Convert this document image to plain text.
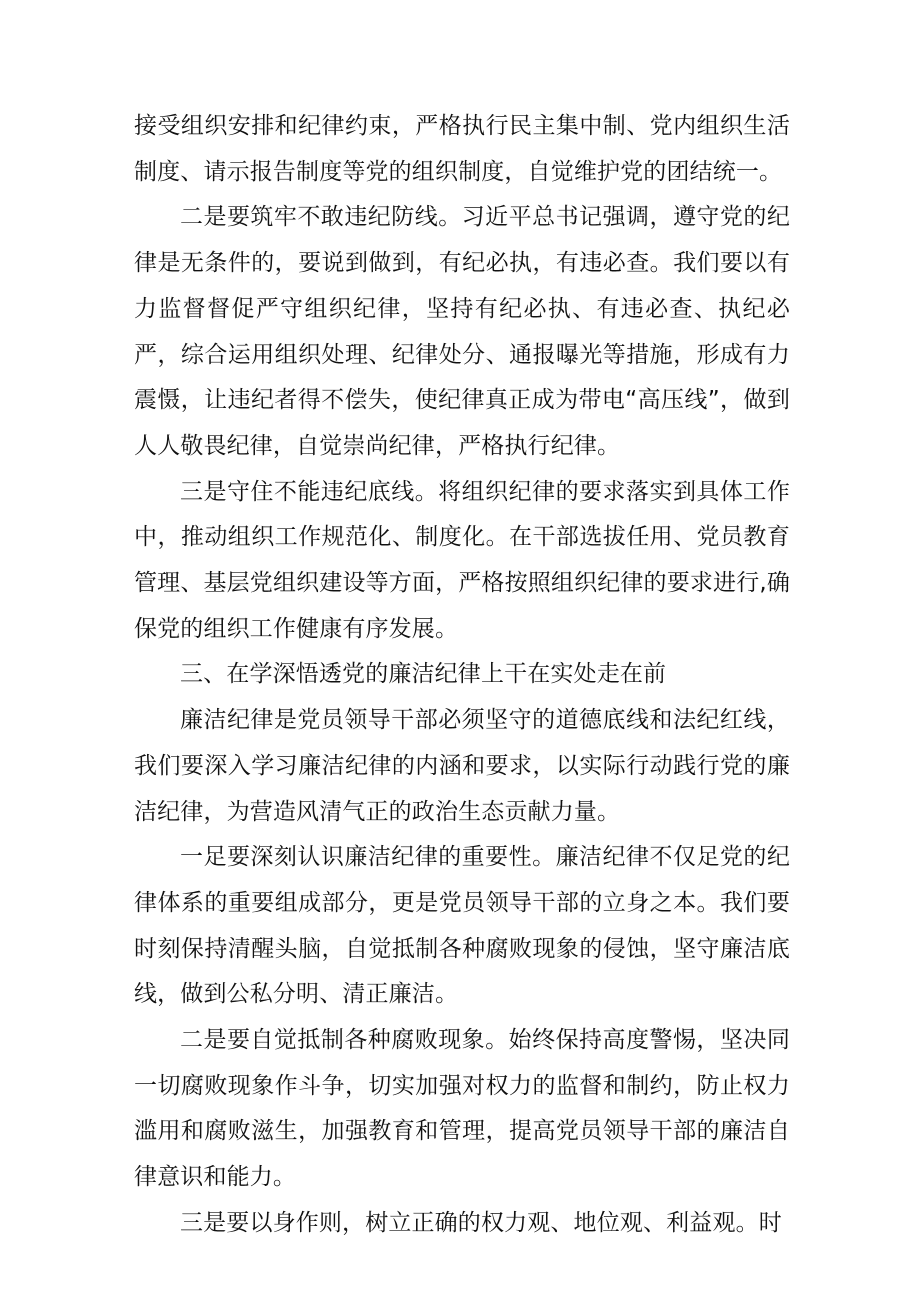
接受组织安排和纪律约束，严格执行民主集中制、党内组织生活制度、请示报告制度等党的组织制度，自觉维护党的团结统一。

二是要筑牢不敢违纪防线。习近平总书记强调，遵守党的纪律是无条件的，要说到做到，有纪必执，有违必查。我们要以有力监督督促严守组织纪律，坚持有纪必执、有违必查、执纪必严，综合运用组织处理、纪律处分、通报曝光等措施，形成有力震慑，让违纪者得不偿失，使纪律真正成为带电“高压线”，做到人人敬畏纪律，自觉崇尚纪律，严格执行纪律。

三是守住不能违纪底线。将组织纪律的要求落实到具体工作中，推动组织工作规范化、制度化。在干部选拔任用、党员教育管理、基层党组织建设等方面，严格按照组织纪律的要求进行,确保党的组织工作健康有序发展。

三、在学深悟透党的廉洁纪律上干在实处走在前

廉洁纪律是党员领导干部必须坚守的道德底线和法纪红线，我们要深入学习廉洁纪律的内涵和要求，以实际行动践行党的廉洁纪律，为营造风清气正的政治生态贡献力量。

一足要深刻认识廉洁纪律的重要性。廉洁纪律不仅足党的纪律体系的重要组成部分，更是党员领导干部的立身之本。我们要时刻保持清醒头脑，自觉抵制各种腐败现象的侵蚀，坚守廉洁底线，做到公私分明、清正廉洁。

二是要自觉抵制各种腐败现象。始终保持高度警惕，坚决同一切腐败现象作斗争，切实加强对权力的监督和制约，防止权力滥用和腐败滋生，加强教育和管理，提高党员领导干部的廉洁自律意识和能力。

三是要以身作则，树立正确的权力观、地位观、利益观。时
